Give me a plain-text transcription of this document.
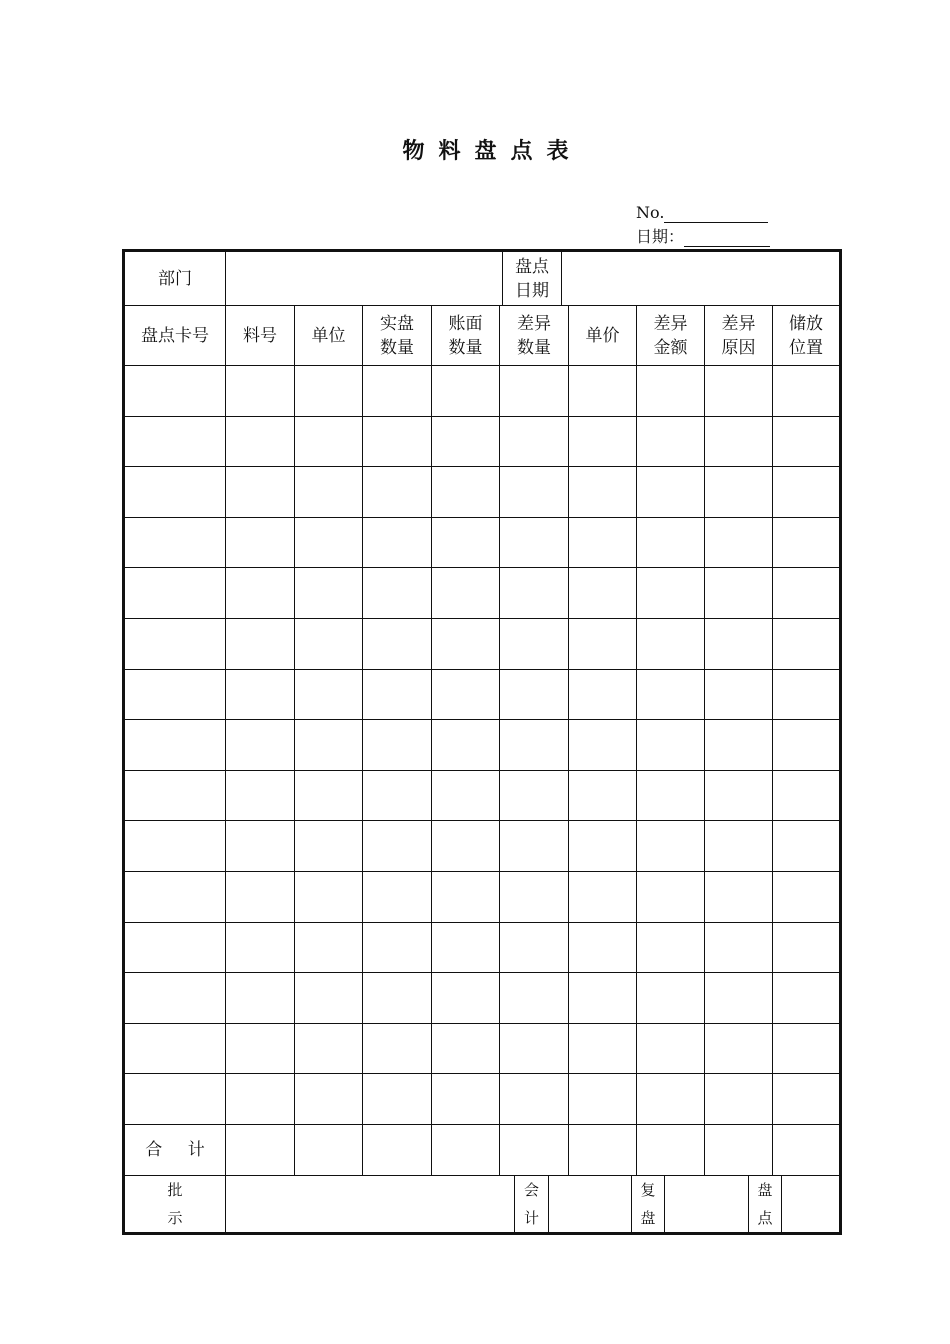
物料盘点表
No.
日期：
部门
盘点
日期
盘点卡号 料号 单位
实盘
数量
账面
数量
差异
数量
单价
差异
金额
差异
原因
储放
位置
合 计
批
示
会
计
复
盘
盘
点
